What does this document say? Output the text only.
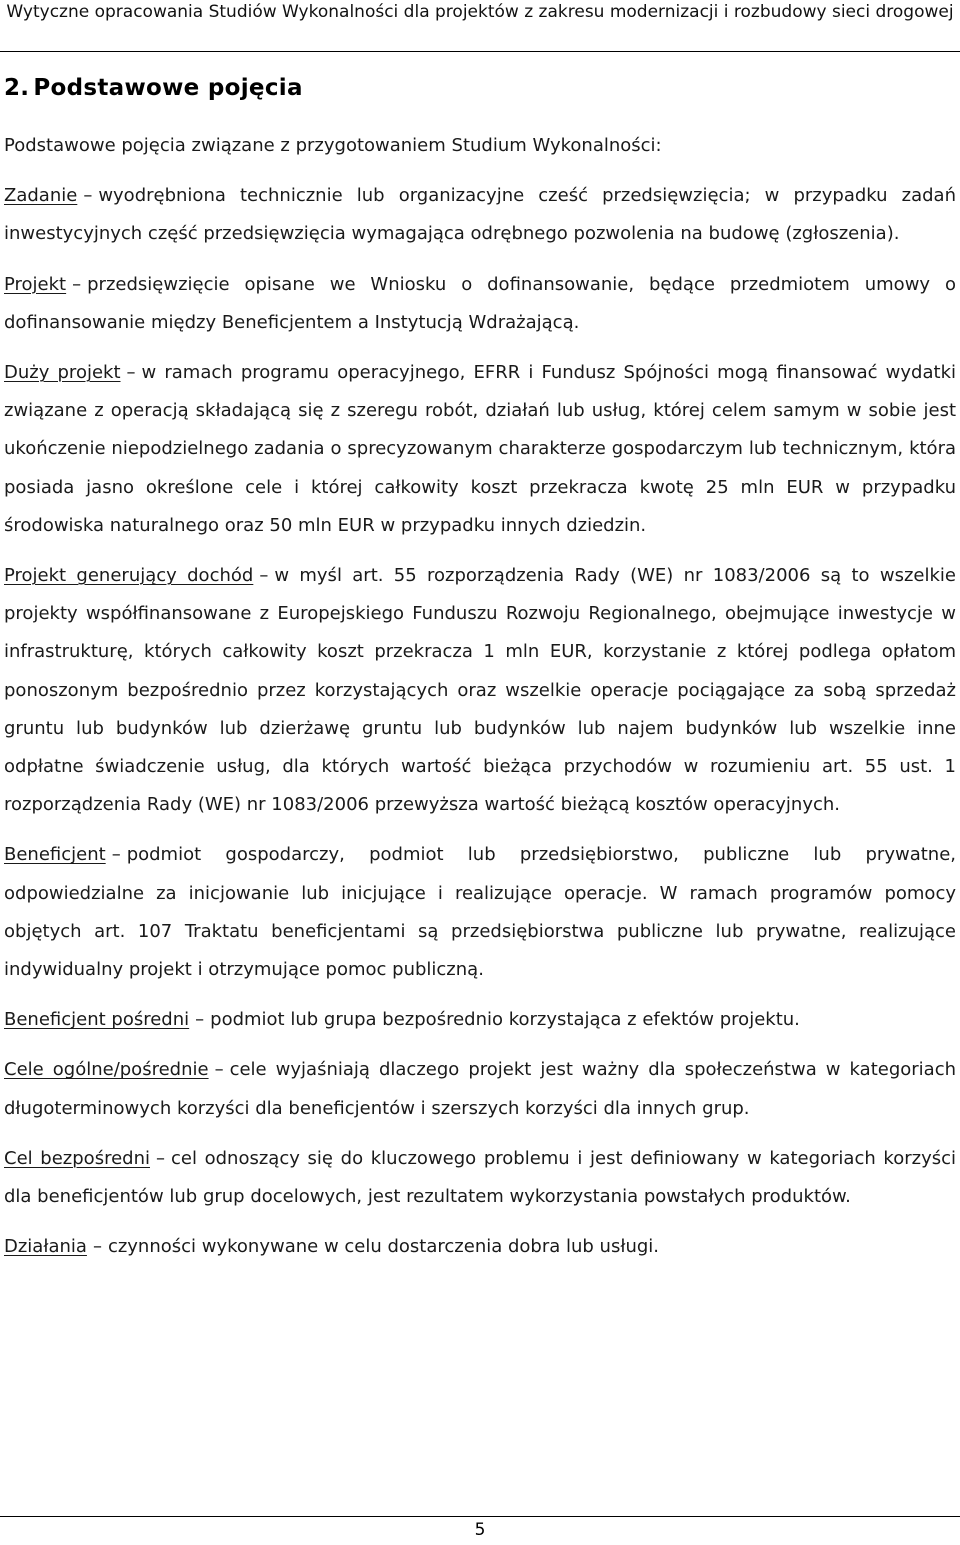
Wytyczne opracowania Studiów Wykonalności dla projektów z zakresu modernizacji i rozbudowy sieci drogowej
2. Podstawowe pojęcia

Podstawowe pojęcia związane z przygotowaniem Studium Wykonalności:

Zadanie – wyodrębniona technicznie lub organizacyjne cześć przedsięwzięcia; w przypadku zadań inwestycyjnych część przedsięwzięcia wymagająca odrębnego pozwolenia na budowę (zgłoszenia).

Projekt – przedsięwzięcie opisane we Wniosku o dofinansowanie, będące przedmiotem umowy o dofinansowanie między Beneficjentem a Instytucją Wdrażającą.

Duży projekt – w ramach programu operacyjnego, EFRR i Fundusz Spójności mogą finansować wydatki związane z operacją składającą się z szeregu robót, działań lub usług, której celem samym w sobie jest ukończenie niepodzielnego zadania o sprecyzowanym charakterze gospodarczym lub technicznym, która posiada jasno określone cele i której całkowity koszt przekracza kwotę 25 mln EUR w przypadku środowiska naturalnego oraz 50 mln EUR w przypadku innych dziedzin.

Projekt generujący dochód – w myśl art. 55 rozporządzenia Rady (WE) nr 1083/2006 są to wszelkie projekty współfinansowane z Europejskiego Funduszu Rozwoju Regionalnego, obejmujące inwestycje w infrastrukturę, których całkowity koszt przekracza 1 mln EUR, korzystanie z której podlega opłatom ponoszonym bezpośrednio przez korzystających oraz wszelkie operacje pociągające za sobą sprzedaż gruntu lub budynków lub dzierżawę gruntu lub budynków lub najem budynków lub wszelkie inne odpłatne świadczenie usług, dla których wartość bieżąca przychodów w rozumieniu art. 55 ust. 1 rozporządzenia Rady (WE) nr 1083/2006 przewyższa wartość bieżącą kosztów operacyjnych.

Beneficjent – podmiot gospodarczy, podmiot lub przedsiębiorstwo, publiczne lub prywatne, odpowiedzialne za inicjowanie lub inicjujące i realizujące operacje. W ramach programów pomocy objętych art. 107 Traktatu beneficjentami są przedsiębiorstwa publiczne lub prywatne, realizujące indywidualny projekt i otrzymujące pomoc publiczną.

Beneficjent pośredni – podmiot lub grupa bezpośrednio korzystająca z efektów projektu.

Cele ogólne/pośrednie – cele wyjaśniają dlaczego projekt jest ważny dla społeczeństwa w kategoriach długoterminowych korzyści dla beneficjentów i szerszych korzyści dla innych grup.

Cel bezpośredni – cel odnoszący się do kluczowego problemu i jest definiowany w kategoriach korzyści dla beneficjentów lub grup docelowych, jest rezultatem wykorzystania powstałych produktów.

Działania – czynności wykonywane w celu dostarczenia dobra lub usługi.

5
